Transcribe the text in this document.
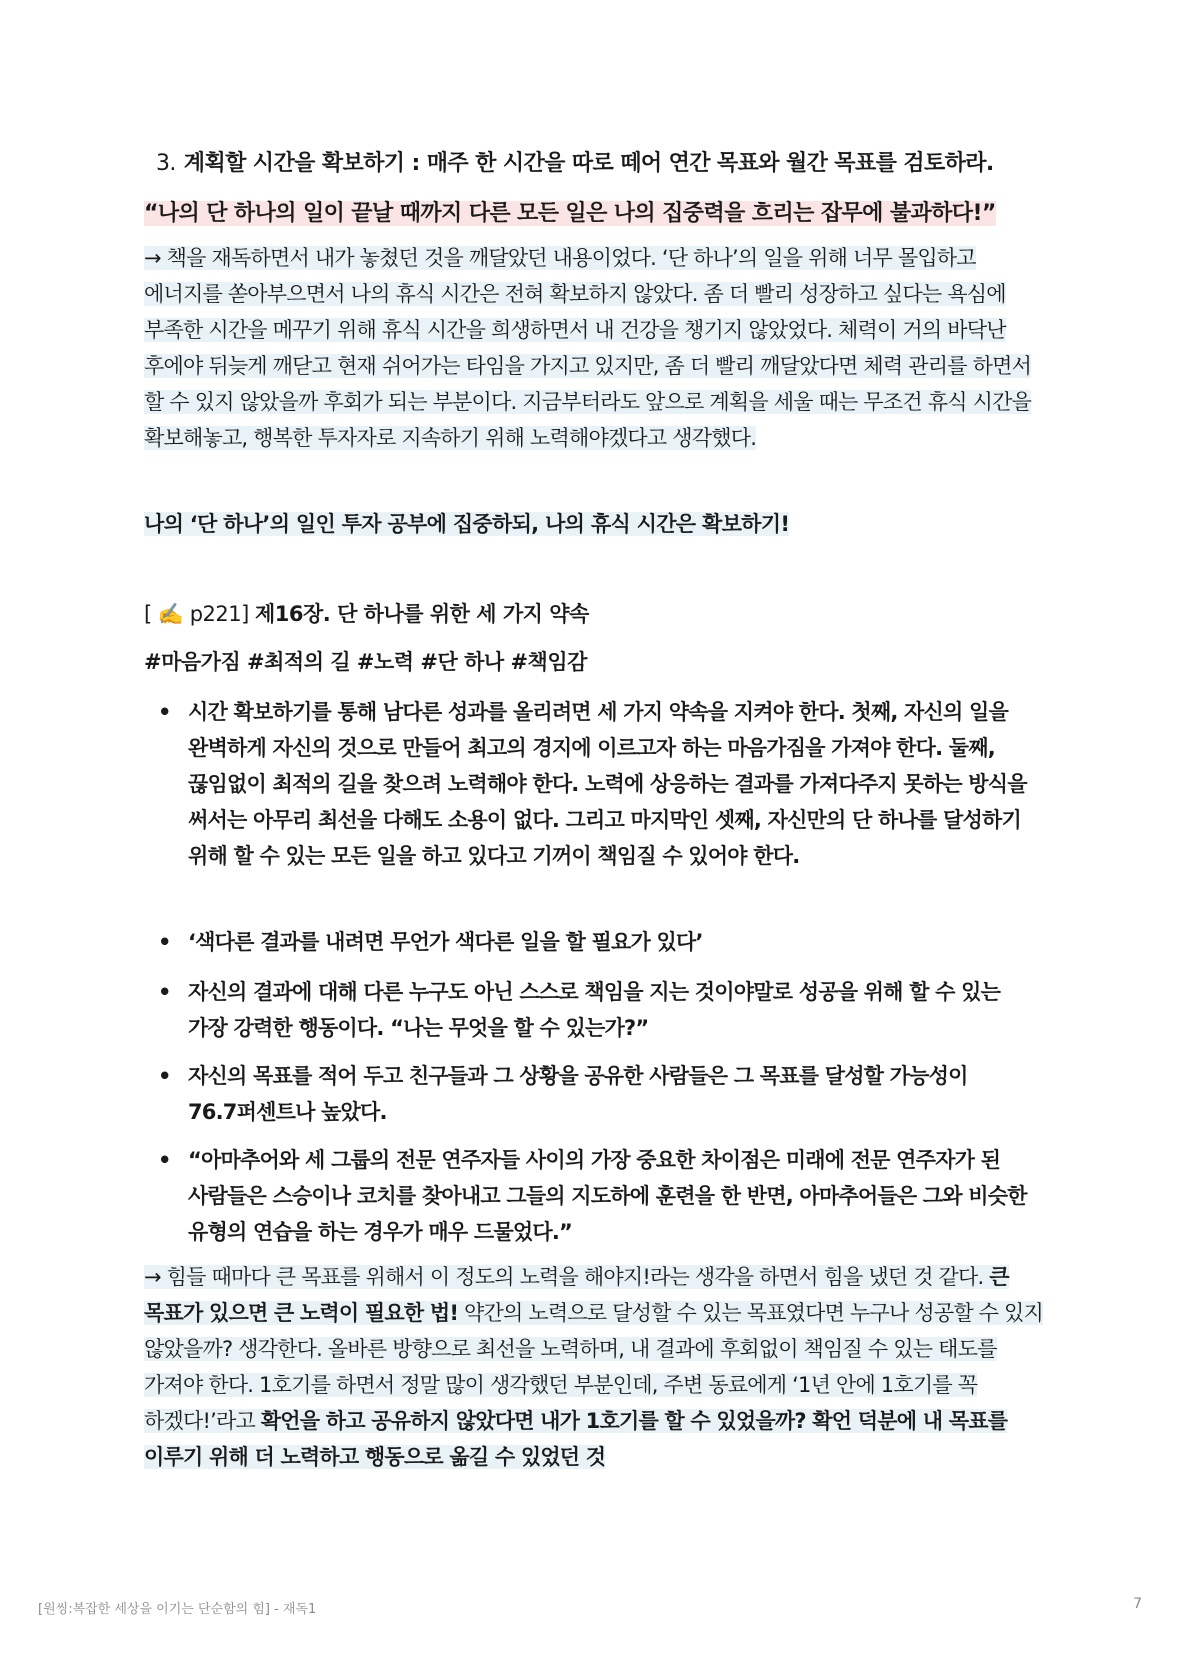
3. 계획할 시간을 확보하기 : 매주 한 시간을 따로 떼어 연간 목표와 월간 목표를 검토하라.
“나의 단 하나의 일이 끝날 때까지 다른 모든 일은 나의 집중력을 흐리는 잡무에 불과하다!”
→ 책을 재독하면서 내가 놓쳤던 것을 깨달았던 내용이었다. ‘단 하나’의 일을 위해 너무 몰입하고 에너지를 쏟아부으면서 나의 휴식 시간은 전혀 확보하지 않았다. 좀 더 빨리 성장하고 싶다는 욕심에 부족한 시간을 메꾸기 위해 휴식 시간을 희생하면서 내 건강을 챙기지 않았었다. 체력이 거의 바닥난 후에야 뒤늦게 깨닫고 현재 쉬어가는 타임을 가지고 있지만, 좀 더 빨리 깨달았다면 체력 관리를 하면서 할 수 있지 않았을까 후회가 되는 부분이다. 지금부터라도 앞으로 계획을 세울 때는 무조건 휴식 시간을 확보해놓고, 행복한 투자자로 지속하기 위해 노력해야겠다고 생각했다.
나의 ‘단 하나’의 일인 투자 공부에 집중하되, 나의 휴식 시간은 확보하기!
[ ✍️ p221] 제16장. 단 하나를 위한 세 가지 약속
#마음가짐 #최적의 길 #노력 #단 하나 #책임감
• 시간 확보하기를 통해 남다른 성과를 올리려면 세 가지 약속을 지켜야 한다. 첫째, 자신의 일을 완벽하게 자신의 것으로 만들어 최고의 경지에 이르고자 하는 마음가짐을 가져야 한다. 둘째, 끊임없이 최적의 길을 찾으려 노력해야 한다. 노력에 상응하는 결과를 가져다주지 못하는 방식을 써서는 아무리 최선을 다해도 소용이 없다. 그리고 마지막인 셋째, 자신만의 단 하나를 달성하기 위해 할 수 있는 모든 일을 하고 있다고 기꺼이 책임질 수 있어야 한다.
• ‘색다른 결과를 내려면 무언가 색다른 일을 할 필요가 있다’
• 자신의 결과에 대해 다른 누구도 아닌 스스로 책임을 지는 것이야말로 성공을 위해 할 수 있는 가장 강력한 행동이다. “나는 무엇을 할 수 있는가?”
• 자신의 목표를 적어 두고 친구들과 그 상황을 공유한 사람들은 그 목표를 달성할 가능성이 76.7퍼센트나 높았다.
• “아마추어와 세 그룹의 전문 연주자들 사이의 가장 중요한 차이점은 미래에 전문 연주자가 된 사람들은 스승이나 코치를 찾아내고 그들의 지도하에 훈련을 한 반면, 아마추어들은 그와 비슷한 유형의 연습을 하는 경우가 매우 드물었다.”
→ 힘들 때마다 큰 목표를 위해서 이 정도의 노력을 해야지!라는 생각을 하면서 힘을 냈던 것 같다. 큰 목표가 있으면 큰 노력이 필요한 법! 약간의 노력으로 달성할 수 있는 목표였다면 누구나 성공할 수 있지 않았을까? 생각한다. 올바른 방향으로 최선을 노력하며, 내 결과에 후회없이 책임질 수 있는 태도를 가져야 한다. 1호기를 하면서 정말 많이 생각했던 부분인데, 주변 동료에게 ‘1년 안에 1호기를 꼭 하겠다!’라고 확언을 하고 공유하지 않았다면 내가 1호기를 할 수 있었을까? 확언 덕분에 내 목표를 이루기 위해 더 노력하고 행동으로 옮길 수 있었던 것
[원씽:복잡한 세상을 이기는 단순함의 힘] - 재독1	7
